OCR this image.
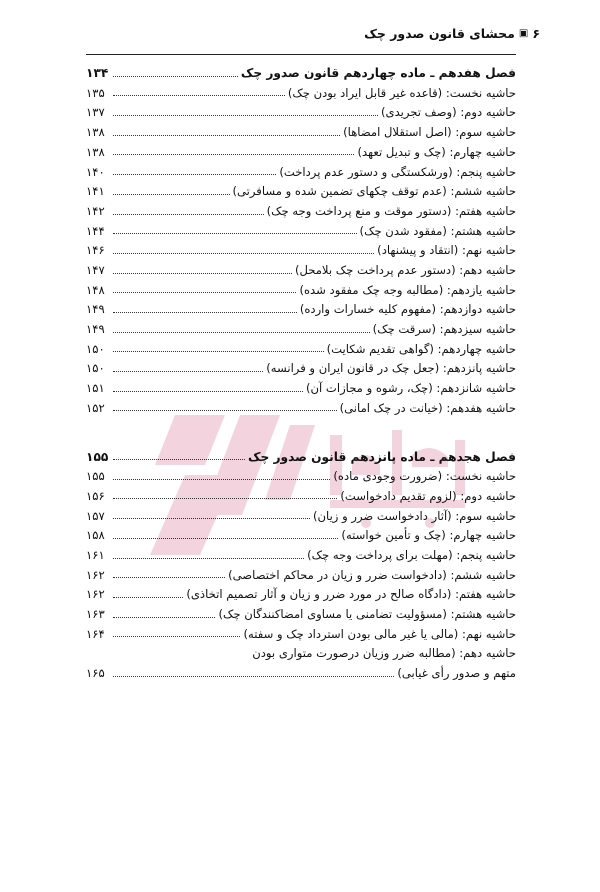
۶
▣
محشای قانون صدور چک
فصل هفدهم ـ ماده چهاردهم قانون صدور چک
۱۳۴
حاشیه نخست: (قاعده غیر قابل ایراد بودن چک)
۱۳۵
حاشیه دوم: (وصف تجریدی)
۱۳۷
حاشیه سوم: (اصل استقلال امضاها)
۱۳۸
حاشیه چهارم: (چک و تبدیل تعهد)
۱۳۸
حاشیه پنجم: (ورشکستگی و دستور عدم پرداخت)
۱۴۰
حاشیه ششم: (عدم توقف چکهای تضمین شده و مسافرتی)
۱۴۱
حاشیه هفتم: (دستور موقت و منع پرداخت وجه چک)
۱۴۲
حاشیه هشتم: (مفقود شدن چک)
۱۴۴
حاشیه نهم: (انتقاد و پیشنهاد)
۱۴۶
حاشیه دهم: (دستور عدم پرداخت چک بلامحل)
۱۴۷
حاشیه یازدهم: (مطالبه وجه چک مفقود شده)
۱۴۸
حاشیه دوازدهم: (مفهوم کلیه خسارات وارده)
۱۴۹
حاشیه سیزدهم: (سرقت چک)
۱۴۹
حاشیه چهاردهم: (گواهی تقدیم شکایت)
۱۵۰
حاشیه پانزدهم: (جعل چک در قانون ایران و فرانسه)
۱۵۰
حاشیه شانزدهم: (چک، رشوه و مجازات آن)
۱۵۱
حاشیه هفدهم: (خیانت در چک امانی)
۱۵۲
فصل هجدهم ـ ماده پانزدهم قانون صدور چک
۱۵۵
حاشیه نخست: (ضرورت وجودی ماده)
۱۵۵
حاشیه دوم: (لزوم تقدیم دادخواست)
۱۵۶
حاشیه سوم: (آثار دادخواست ضرر و زیان)
۱۵۷
حاشیه چهارم: (چک و تأمین خواسته)
۱۵۸
حاشیه پنجم: (مهلت برای پرداخت وجه چک)
۱۶۱
حاشیه ششم: (دادخواست ضرر و زیان در محاکم اختصاصی)
۱۶۲
حاشیه هفتم: (دادگاه صالح در مورد ضرر و زیان و آثار تصمیم اتخاذی)
۱۶۲
حاشیه هشتم: (مسؤولیت تضامنی یا مساوی امضاکنندگان چک)
۱۶۳
حاشیه نهم: (مالی یا غیر مالی بودن استرداد چک و سفته)
۱۶۴
حاشیه دهم: (مطالبه ضرر وزیان درصورت متواری بودن
متهم و صدور رأی غیابی)
۱۶۵
